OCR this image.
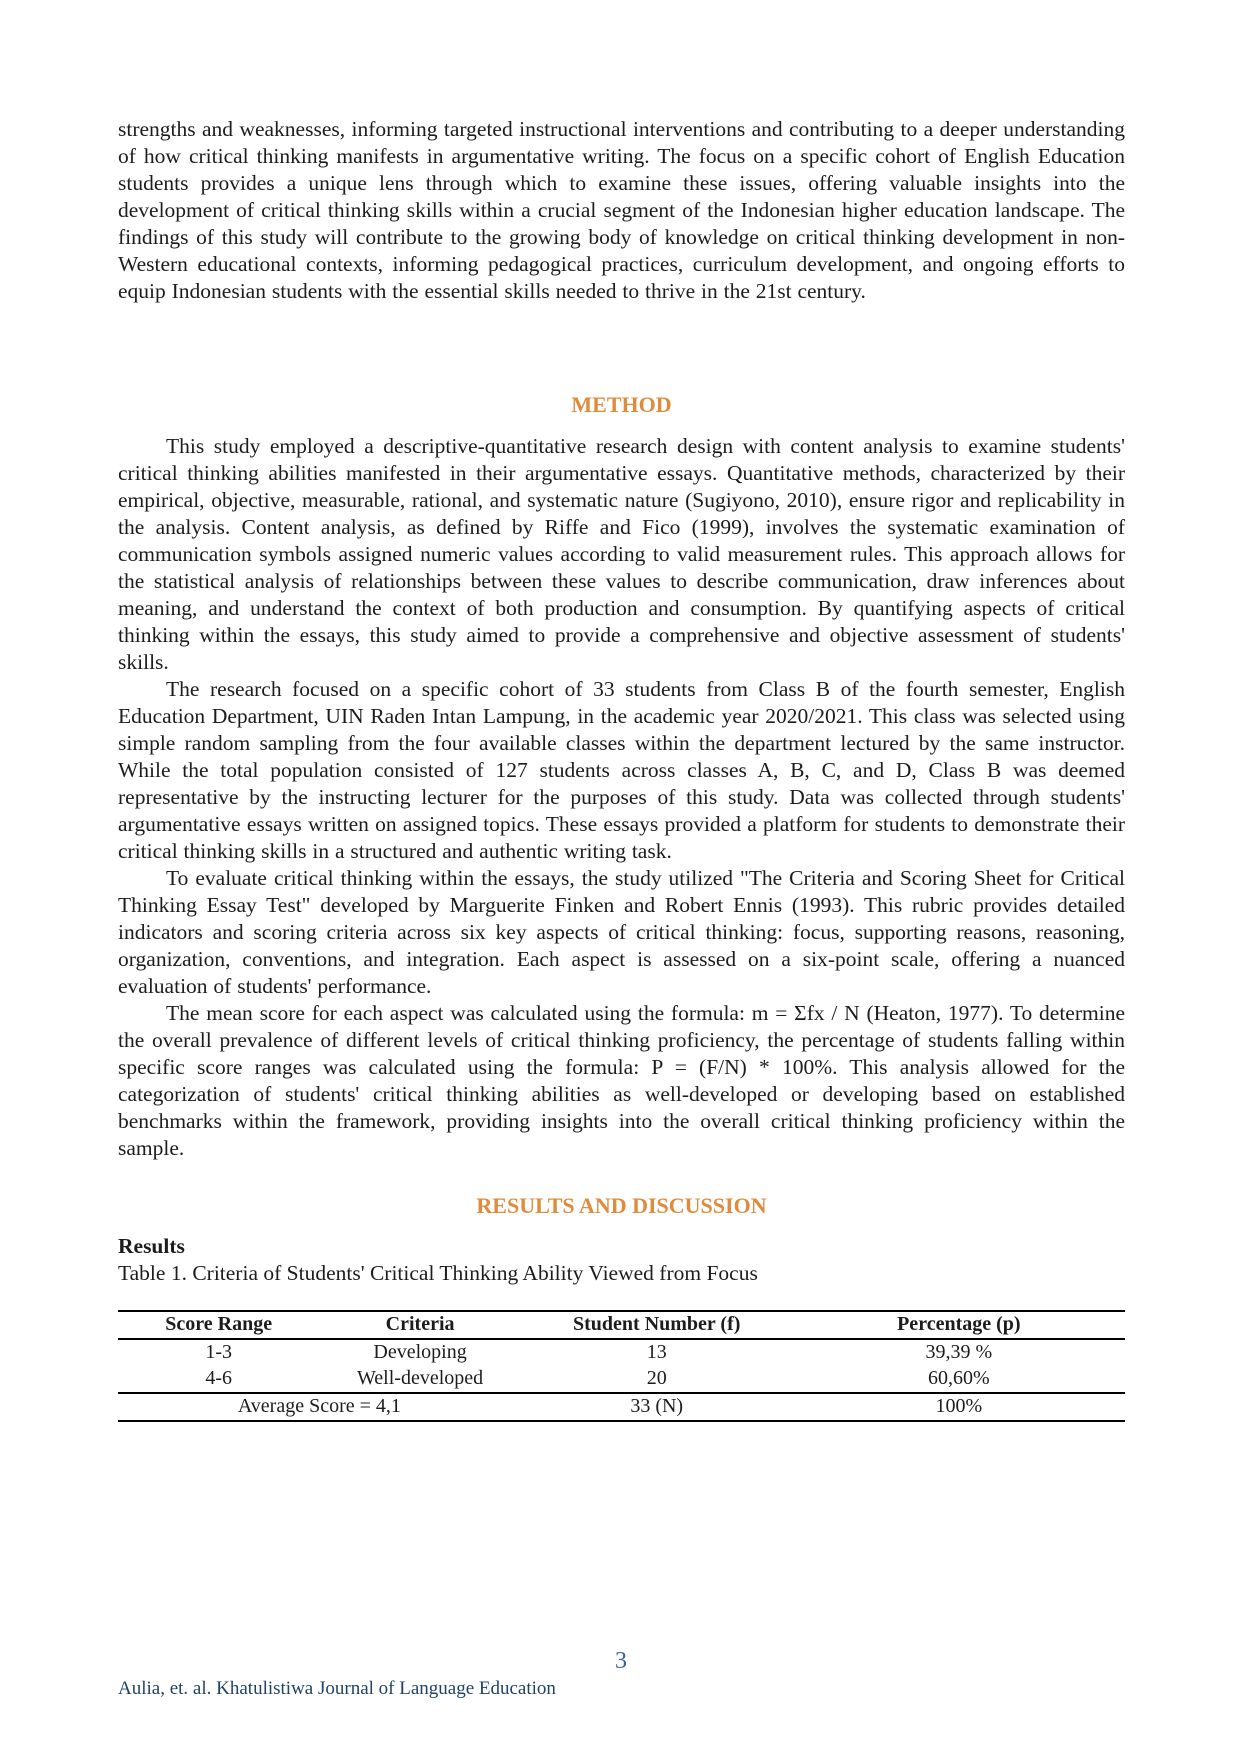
strengths and weaknesses, informing targeted instructional interventions and contributing to a deeper understanding of how critical thinking manifests in argumentative writing. The focus on a specific cohort of English Education students provides a unique lens through which to examine these issues, offering valuable insights into the development of critical thinking skills within a crucial segment of the Indonesian higher education landscape. The findings of this study will contribute to the growing body of knowledge on critical thinking development in non-Western educational contexts, informing pedagogical practices, curriculum development, and ongoing efforts to equip Indonesian students with the essential skills needed to thrive in the 21st century.

METHOD

This study employed a descriptive-quantitative research design with content analysis to examine students' critical thinking abilities manifested in their argumentative essays. Quantitative methods, characterized by their empirical, objective, measurable, rational, and systematic nature (Sugiyono, 2010), ensure rigor and replicability in the analysis. Content analysis, as defined by Riffe and Fico (1999), involves the systematic examination of communication symbols assigned numeric values according to valid measurement rules. This approach allows for the statistical analysis of relationships between these values to describe communication, draw inferences about meaning, and understand the context of both production and consumption. By quantifying aspects of critical thinking within the essays, this study aimed to provide a comprehensive and objective assessment of students' skills.

The research focused on a specific cohort of 33 students from Class B of the fourth semester, English Education Department, UIN Raden Intan Lampung, in the academic year 2020/2021. This class was selected using simple random sampling from the four available classes within the department lectured by the same instructor. While the total population consisted of 127 students across classes A, B, C, and D, Class B was deemed representative by the instructing lecturer for the purposes of this study. Data was collected through students' argumentative essays written on assigned topics. These essays provided a platform for students to demonstrate their critical thinking skills in a structured and authentic writing task.

To evaluate critical thinking within the essays, the study utilized "The Criteria and Scoring Sheet for Critical Thinking Essay Test" developed by Marguerite Finken and Robert Ennis (1993). This rubric provides detailed indicators and scoring criteria across six key aspects of critical thinking: focus, supporting reasons, reasoning, organization, conventions, and integration. Each aspect is assessed on a six-point scale, offering a nuanced evaluation of students' performance.

The mean score for each aspect was calculated using the formula: m = Σfx / N (Heaton, 1977). To determine the overall prevalence of different levels of critical thinking proficiency, the percentage of students falling within specific score ranges was calculated using the formula: P = (F/N) * 100%. This analysis allowed for the categorization of students' critical thinking abilities as well-developed or developing based on established benchmarks within the framework, providing insights into the overall critical thinking proficiency within the sample.

RESULTS AND DISCUSSION
Results
Table 1. Criteria of Students' Critical Thinking Ability Viewed from Focus
Score Range	Criteria	Student Number (f)	Percentage (p)
1-3	Developing	13	39,39 %
4-6	Well-developed	20	60,60%
Average Score = 4,1		33 (N)	100%
3
Aulia, et. al. Khatulistiwa Journal of Language Education
